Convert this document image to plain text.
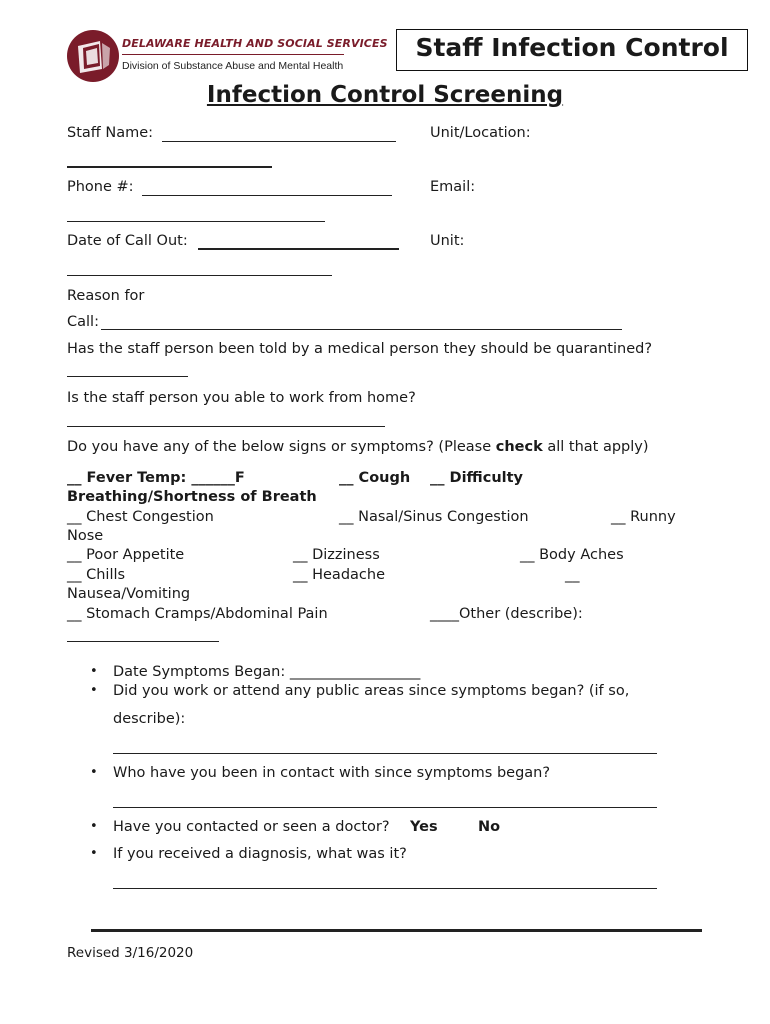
DELAWARE HEALTH AND SOCIAL SERVICES
Division of Substance Abuse and Mental Health
Staff Infection Control
Infection Control Screening
Staff Name:	Unit/Location:
Phone #:	Email:
Date of Call Out:	Unit:
Reason for
Call:
Has the staff person been told by a medical person they should be quarantined?
Is the staff person you able to work from home?
Do you have any of the below signs or symptoms? (Please check all that apply)
__ Fever Temp: ______F	__ Cough __ Difficulty
Breathing/Shortness of Breath
__ Chest Congestion	__ Nasal/Sinus Congestion	__ Runny
Nose
__ Poor Appetite	__ Dizziness	__ Body Aches
__ Chills	__ Headache	__
Nausea/Vomiting
__ Stomach Cramps/Abdominal Pain	____Other (describe):
• Date Symptoms Began: __________________
• Did you work or attend any public areas since symptoms began? (if so,
describe):
• Who have you been in contact with since symptoms began?
• Have you contacted or seen a doctor? Yes	No
• If you received a diagnosis, what was it?
Revised 3/16/2020
